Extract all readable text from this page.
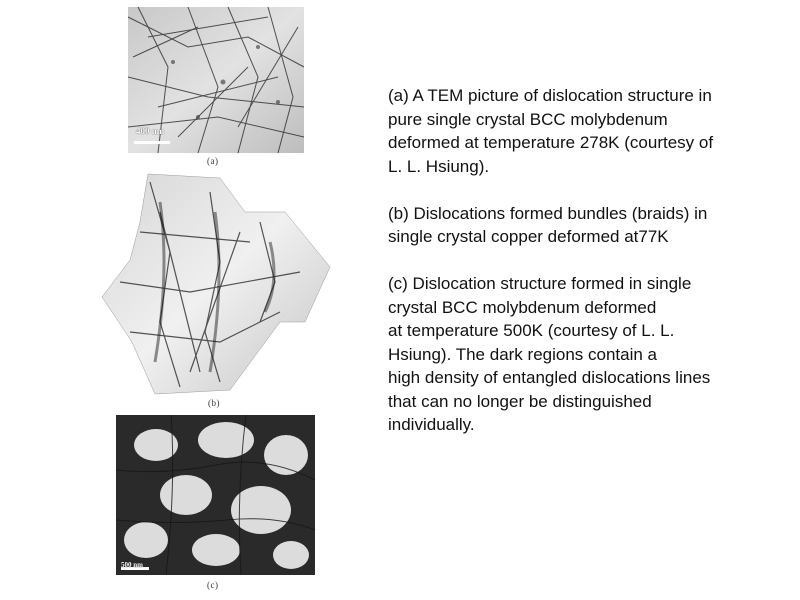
400 nm
(a)
(b)
500 nm
(c)

(a) A TEM picture of dislocation structure in
pure single crystal BCC molybdenum
deformed at temperature 278K (courtesy of
L. L. Hsiung).

(b) Dislocations formed bundles (braids) in
single crystal copper deformed at77K

(c) Dislocation structure formed in single
crystal BCC molybdenum deformed
at temperature 500K (courtesy of L. L.
Hsiung). The dark regions contain a
high density of entangled dislocations lines
that can no longer be distinguished
individually.
